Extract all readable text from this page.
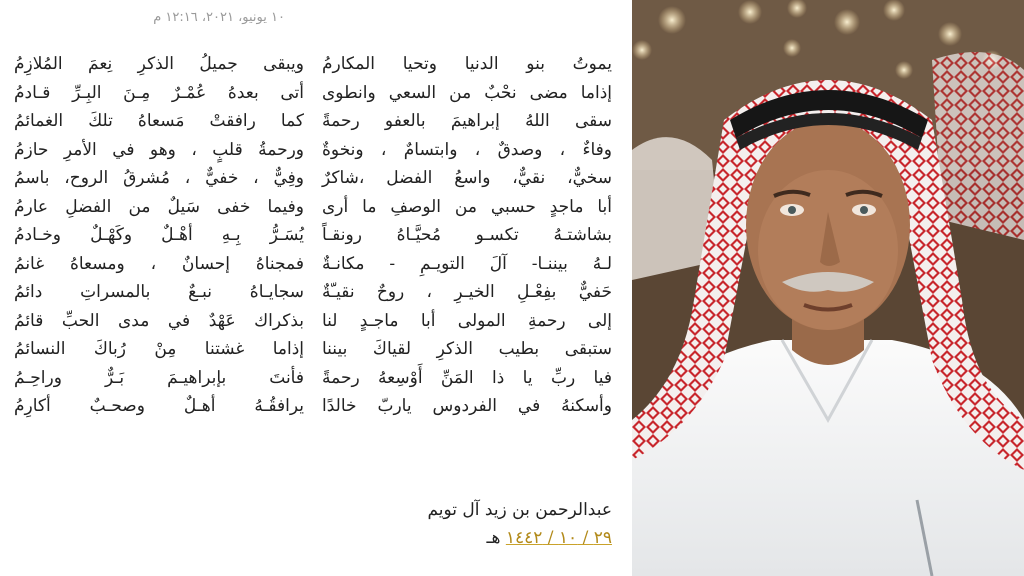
١٠ يونيو، ٢٠٢١، ١٢:١٦ م
يموتُ بنو الدنيا وتحيا المكارمُ
إذاما مضى نحْبٌ من السعي وانطوى
سقى اللهُ إبراهيمَ بالعفو رحمةً
وفاءٌ ، وصدقٌ ، وابتسامٌ ، ونخوةٌ
سخيٌّ، نقيٌّ، واسعُ الفضل ،شاكرٌ
أبا ماجدٍ حسبي من الوصفِ ما أرى
بشاشتـهُ تكسـو مُحيَّـاهُ رونقـاً
لـهُ بيننـا- آلَ التويـمِ - مكانـةٌ
حَفيٌّ بفِعْـلِ الخيـرِ ، روحٌ نقيـّةٌ
إلى رحمةِ المولى أبا ماجـدٍ لنا
ستبقى بطيب الذكرِ لقياكَ بيننا
فيا ربِّ يا ذا المَنِّ أَوْسِعهُ رحمةً
وأسكنهُ في الفردوس ياربّ خالدًا
ويبقى جميلُ الذكرِ نِعمَ المُلازِمُ
أتى بعدهُ عُمْـرٌ مِـنَ البِـرِّ قـادمُ
كما رافقتْ مَسعاهُ تلكَ الغمائمُ
ورحمةُ قلبٍ ، وهو في الأمرِ حازمُ
وفِيٌّ ، خفيٌّ ، مُشرقُ الروح، باسمُ
وفيما خفى سَيلٌ من الفضلِ عارمُ
يُسَـرُّ بِـهِ أهْـلٌ وكَهْـلٌ وخـادمُ
فمجناهُ إحسانٌ ، ومسعاهُ غانمُ
سجايـاهُ نبـعٌ بالمسراتِ دائمُ
بذكراك عَهْدٌ في مدى الحبِّ قائمُ
إذاما غشتنا مِنْ رُباكَ النسائمُ
فأنتَ بإبراهيـمَ بَـرٌّ وراحِـمُ
يرافقُـهُ أهـلٌ وصحـبٌ أكارِمُ
عبدالرحمن بن زيد آل تويم
٢٩ / ١٠ / ١٤٤٢ هـ
